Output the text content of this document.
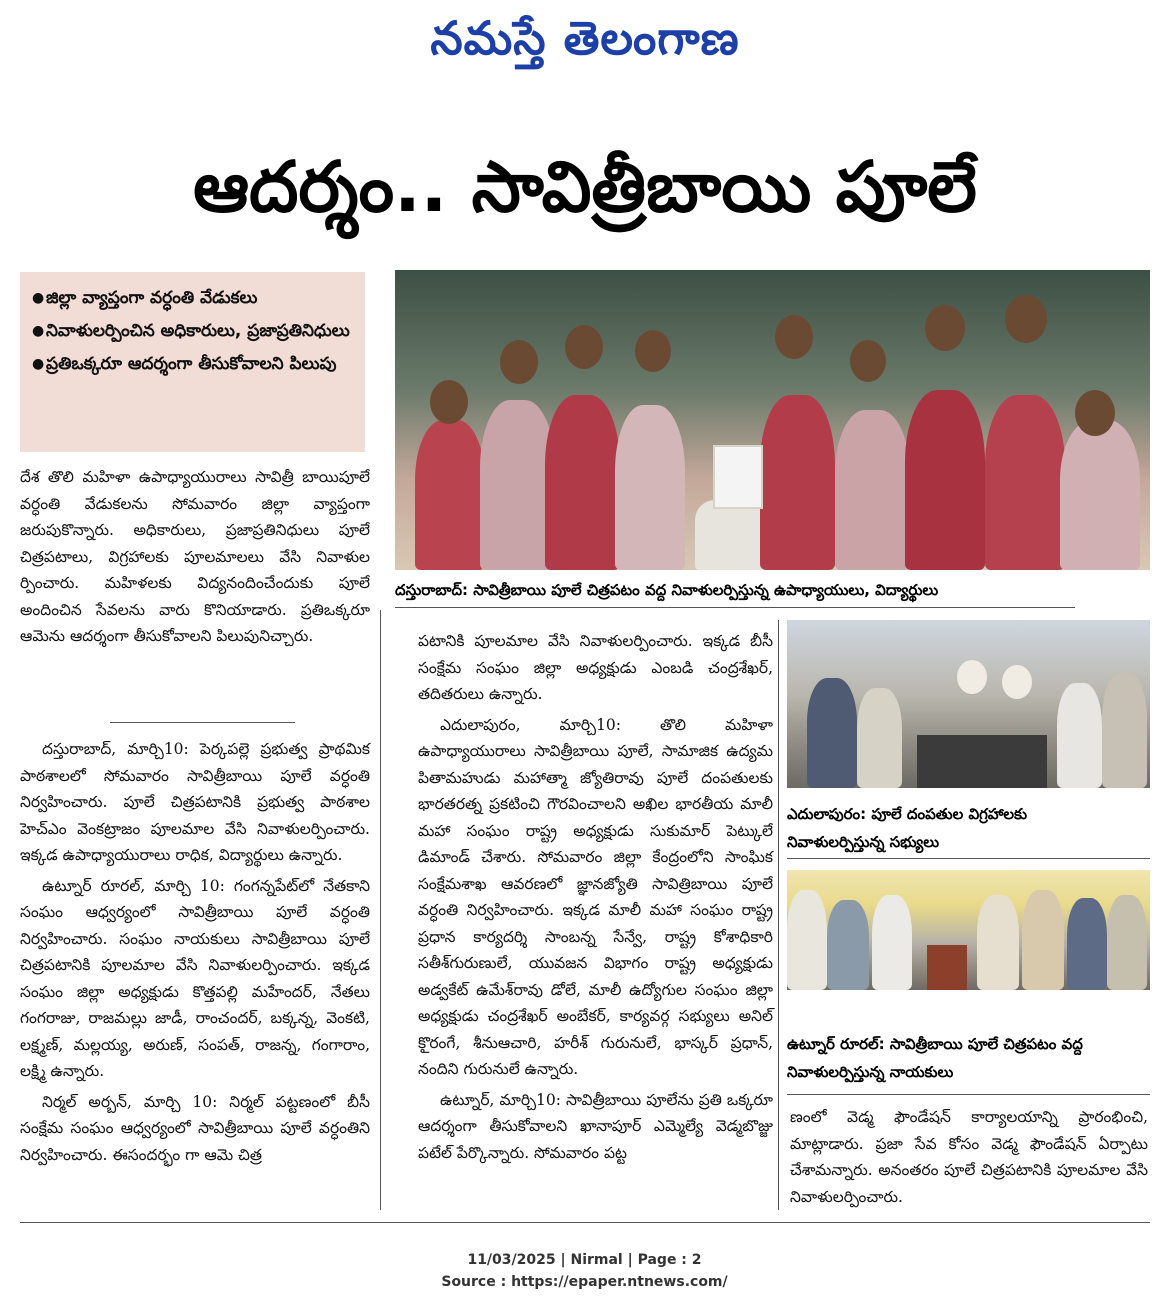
నమస్తే తెలంగాణ
ఆదర్శం.. సావిత్రీబాయి పూలే
● జిల్లా వ్యాప్తంగా వర్ధంతి వేడుకలు
● నివాళులర్పించిన అధికారులు, ప్రజాప్రతినిధులు
● ప్రతిఒక్కరూ ఆదర్శంగా తీసుకోవాలని పిలుపు
దస్తురాబాద్: సావిత్రీబాయి పూలే చిత్రపటం వద్ద నివాళులర్పిస్తున్న ఉపాధ్యాయులు, విద్యార్థులు
ఎదులాపురం: పూలే దంపతుల విగ్రహాలకు నివాళులర్పిస్తున్న సభ్యులు
ఉట్నూర్ రూరల్: సావిత్రీబాయి పూలే చిత్రపటం వద్ద నివాళులర్పిస్తున్న నాయకులు

దేశ తొలి మహిళా ఉపాధ్యాయురాలు సావిత్రీ బాయిపూలే వర్ధంతి వేడుకలను సోమవారం జిల్లా వ్యాప్తంగా జరుపుకొన్నారు. అధికారులు, ప్రజాప్రతినిధులు పూలే చిత్రపటాలు, విగ్రహాలకు పూలమాలలు వేసి నివాళుల ర్పించారు. మహిళలకు విద్యనందించేందుకు పూలే అందించిన సేవలను వారు కొనియాడారు. ప్రతిఒక్కరూ ఆమెను ఆదర్శంగా తీసుకోవాలని పిలుపునిచ్చారు.

దస్తురాబాద్, మార్చి10: పెర్కపల్లె ప్రభుత్వ ప్రాథమిక పాఠశాలలో సోమవారం సావిత్రీబాయి పూలే వర్ధంతి నిర్వహించారు. పూలే చిత్రపటానికి ప్రభుత్వ పాఠశాల హెచ్ఎం వెంకట్రాజం పూలమాల వేసి నివాళులర్పించారు. ఇక్కడ ఉపాధ్యాయురాలు రాధిక, విద్యార్థులు ఉన్నారు.

ఉట్నూర్ రూరల్, మార్చి 10: గంగన్నపేట్‌లో నేతకాని సంఘం ఆధ్వర్యంలో సావిత్రీబాయి పూలే వర్ధంతి నిర్వహించారు. సంఘం నాయకులు సావిత్రీబాయి పూలే చిత్రపటానికి పూలమాల వేసి నివాళులర్పించారు. ఇక్కడ సంఘం జిల్లా అధ్యక్షుడు కొత్తపల్లి మహేందర్, నేతలు గంగరాజు, రాజమల్లు జాడీ, రాంచందర్, బక్కన్న, వెంకటి, లక్ష్మణ్, మల్లయ్య, అరుణ్, సంపత్, రాజన్న, గంగారాం, లక్ష్మి ఉన్నారు.

నిర్మల్ అర్బన్, మార్చి 10: నిర్మల్ పట్టణంలో బీసీ సంక్షేమ సంఘం ఆధ్వర్యంలో సావిత్రీబాయి పూలే వర్ధంతిని నిర్వహించారు. ఈసందర్భం గా ఆమె చిత్ర

పటానికి పూలమాల వేసి నివాళులర్పించారు. ఇక్కడ బీసీ సంక్షేమ సంఘం జిల్లా అధ్యక్షుడు ఎంబడి చంద్రశేఖర్, తదితరులు ఉన్నారు.

ఎదులాపురం, మార్చి10: తొలి మహిళా ఉపాధ్యాయురాలు సావిత్రీబాయి పూలే, సామాజిక ఉద్యమ పితామహుడు మహాత్మా జ్యోతిరావు పూలే దంపతులకు భారతరత్న ప్రకటించి గౌరవించాలని అఖిల భారతీయ మాలీ మహా సంఘం రాష్ట్ర అధ్యక్షుడు సుకుమార్ పెట్కులే డిమాండ్ చేశారు. సోమవారం జిల్లా కేంద్రంలోని సాంఘిక సంక్షేమశాఖ ఆవరణలో జ్ఞానజ్యోతి సావిత్రిబాయి పూలే వర్ధంతి నిర్వహించారు. ఇక్కడ మాలీ మహా సంఘం రాష్ట్ర ప్రధాన కార్యదర్శి సాంబన్న సేన్వే, రాష్ట్ర కోశాధికారి సతీశ్‌గురుణులే, యువజన విభాగం రాష్ట్ర అధ్యక్షుడు అడ్వకేట్ ఉమేశ్‌రావు డోలే, మాలీ ఉద్యోగుల సంఘం జిల్లా అధ్యక్షుడు చంద్రశేఖర్ అంబేకర్, కార్యవర్గ సభ్యులు అనిల్ కొౖరంగే, శీనుఆచారి, హరీశ్ గురునులే, భాస్కర్ ప్రధాన్, నందిని గురునులే ఉన్నారు.

ఉట్నూర్, మార్చి10: సావిత్రీబాయి పూలేను ప్రతి ఒక్కరూ ఆదర్శంగా తీసుకోవాలని ఖానాపూర్ ఎమ్మెల్యే వెడ్మబొజ్జు పటేల్ పేర్కొన్నారు. సోమవారం పట్ట

ణంలో వెడ్మ ఫౌండేషన్ కార్యాలయాన్ని ప్రారంభించి, మాట్లాడారు. ప్రజా సేవ కోసం వెడ్మ ఫౌండేషన్ ఏర్పాటు చేశామన్నారు. అనంతరం పూలే చిత్రపటానికి పూలమాల వేసి నివాళులర్పించారు.

11/03/2025 | Nirmal | Page : 2
Source : https://epaper.ntnews.com/
